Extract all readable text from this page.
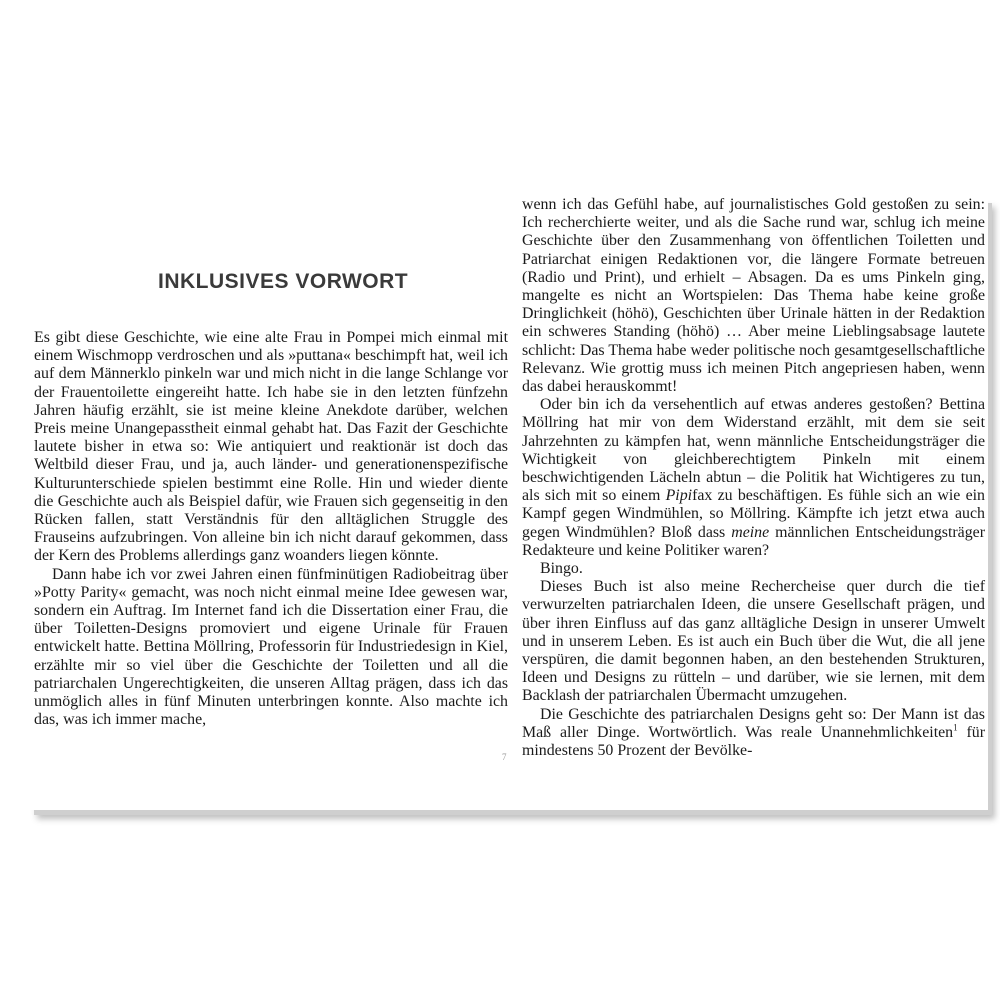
INKLUSIVES VORWORT

Es gibt diese Geschichte, wie eine alte Frau in Pompei mich einmal mit einem Wischmopp verdroschen und als »puttana« beschimpft hat, weil ich auf dem Männerklo pinkeln war und mich nicht in die lange Schlange vor der Frauentoilette eingereiht hatte. Ich habe sie in den letzten fünfzehn Jahren häufig erzählt, sie ist meine kleine Anekdote darüber, welchen Preis meine Unangepasstheit einmal gehabt hat. Das Fazit der Geschichte lautete bisher in etwa so: Wie antiquiert und reaktionär ist doch das Weltbild dieser Frau, und ja, auch länder- und generationenspezifische Kulturunterschiede spielen bestimmt eine Rolle. Hin und wieder diente die Geschichte auch als Beispiel dafür, wie Frauen sich gegenseitig in den Rücken fallen, statt Verständnis für den alltäglichen Struggle des Frauseins aufzubringen. Von alleine bin ich nicht darauf gekommen, dass der Kern des Problems allerdings ganz woanders liegen könnte.

Dann habe ich vor zwei Jahren einen fünfminütigen Radiobeitrag über »Potty Parity« gemacht, was noch nicht einmal meine Idee gewesen war, sondern ein Auftrag. Im Internet fand ich die Dissertation einer Frau, die über Toiletten-Designs promoviert und eigene Urinale für Frauen entwickelt hatte. Bettina Möllring, Professorin für Industriedesign in Kiel, erzählte mir so viel über die Geschichte der Toiletten und all die patriarchalen Ungerechtigkeiten, die unseren Alltag prägen, dass ich das unmöglich alles in fünf Minuten unterbringen konnte. Also machte ich das, was ich immer mache,

7

wenn ich das Gefühl habe, auf journalistisches Gold gestoßen zu sein: Ich recherchierte weiter, und als die Sache rund war, schlug ich meine Geschichte über den Zusammenhang von öffentlichen Toiletten und Patriarchat einigen Redaktionen vor, die längere Formate betreuen (Radio und Print), und erhielt – Absagen. Da es ums Pinkeln ging, mangelte es nicht an Wortspielen: Das Thema habe keine große Dringlichkeit (höhö), Geschichten über Urinale hätten in der Redaktion ein schweres Standing (höhö) … Aber meine Lieblingsabsage lautete schlicht: Das Thema habe weder politische noch gesamtgesellschaftliche Relevanz. Wie grottig muss ich meinen Pitch angepriesen haben, wenn das dabei herauskommt!

Oder bin ich da versehentlich auf etwas anderes gestoßen? Bettina Möllring hat mir von dem Widerstand erzählt, mit dem sie seit Jahrzehnten zu kämpfen hat, wenn männliche Entscheidungsträger die Wichtigkeit von gleichberechtigtem Pinkeln mit einem beschwichtigenden Lächeln abtun – die Politik hat Wichtigeres zu tun, als sich mit so einem Pipifax zu beschäftigen. Es fühle sich an wie ein Kampf gegen Windmühlen, so Möllring. Kämpfte ich jetzt etwa auch gegen Windmühlen? Bloß dass meine männlichen Entscheidungsträger Redakteure und keine Politiker waren?

Bingo.

Dieses Buch ist also meine Rechercheise quer durch die tief verwurzelten patriarchalen Ideen, die unsere Gesellschaft prägen, und über ihren Einfluss auf das ganz alltägliche Design in unserer Umwelt und in unserem Leben. Es ist auch ein Buch über die Wut, die all jene verspüren, die damit begonnen haben, an den bestehenden Strukturen, Ideen und Designs zu rütteln – und darüber, wie sie lernen, mit dem Backlash der patriarchalen Übermacht umzugehen.

Die Geschichte des patriarchalen Designs geht so: Der Mann ist das Maß aller Dinge. Wortwörtlich. Was reale Unannehmlichkeiten$^1$ für mindestens 50 Prozent der Bevölke-
